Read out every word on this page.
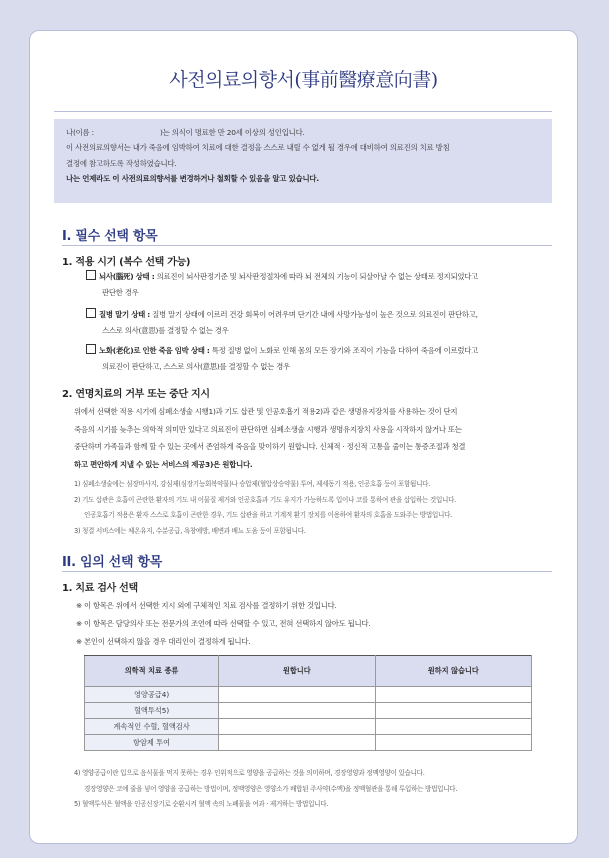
사전의료의향서(事前醫療意向書)

나(이름 :	)는 의식이 명료한 만 20세 이상의 성인입니다.

이 사전의료의향서는 내가 죽음에 임박하여 치료에 대한 결정을 스스로 내릴 수 없게 될 경우에 대비하여 의료진의 치료 방침

결정에 참고하도록 작성하였습니다.

나는 언제라도 이 사전의료의향서를 변경하거나 철회할 수 있음을 알고 있습니다.

I. 필수 선택 항목
1. 적용 시기 (복수 선택 가능)

뇌사(腦死) 상태 : 의료진이 뇌사판정기준 및 뇌사판정절차에 따라 뇌 전체의 기능이 되살아날 수 없는 상태로 정지되었다고

판단한 경우

질병 말기 상태 : 질병 말기 상태에 이르러 건강 회복이 어려우며 단기간 내에 사망가능성이 높은 것으로 의료진이 판단하고,

스스로 의사(意思)를 결정할 수 없는 경우

노화(老化)로 인한 죽음 임박 상태 : 특정 질병 없이 노화로 인해 몸의 모든 장기와 조직이 기능을 다하여 죽음에 이르렀다고

의료진이 판단하고, 스스로 의사(意思)를 결정할 수 없는 경우

2. 연명치료의 거부 또는 중단 지시

위에서 선택한 적용 시기에 심폐소생술 시행1)과 기도 삽관 및 인공호흡기 적용2)과 같은 생명유지장치를 사용하는 것이 단지

죽음의 시기를 늦추는 의학적 의미만 있다고 의료진이 판단하면 심폐소생술 시행과 생명유지장치 사용을 시작하지 않거나 또는

중단하며 가족들과 함께 할 수 있는 곳에서 존엄하게 죽음을 맞이하기 원합니다. 신체적 · 정신적 고통을 줄이는 통증조절과 청결

하고 편안하게 지낼 수 있는 서비스의 제공3)은 원합니다.

1) 심폐소생술에는 심장마사지, 강심제(심장기능회복약물)나 승압제(혈압상승약물) 투여, 제세동기 적용, 인공호흡 등이 포함됩니다.

2) 기도 삽관은 호흡이 곤란한 환자의 기도 내 이물질 제거와 인공호흡과 기도 유지가 가능하도록 입이나 코를 통하여 관을 삽입하는 것입니다.

인공호흡기 적용은 환자 스스로 호흡이 곤란한 경우, 기도 삽관을 하고 기계적 환기 장치를 이용하여 환자의 호흡을 도와주는 방법입니다.

3) 청결 서비스에는 체온유지, 수분공급, 욕창예방, 배변과 배뇨 도움 등이 포함됩니다.

II. 임의 선택 항목
1. 치료 검사 선택

※ 이 항목은 위에서 선택한 지시 외에 구체적인 치료 검사를 결정하기 위한 것입니다.

※ 이 항목은 담당의사 또는 전문가의 조언에 따라 선택할 수 있고, 전혀 선택하지 않아도 됩니다.

※ 본인이 선택하지 않을 경우 대리인이 결정하게 됩니다.

의학적 치료 종류	원합니다	원하지 않습니다
영양공급4)		
혈액투석5)		
계속적인 수혈, 혈액검사		
항암제 투여		

4) 영양공급이란 입으로 음식물을 먹지 못하는 경우 인위적으로 영양을 공급하는 것을 의미하며, 경장영양과 정맥영양이 있습니다.

경장영양은 코에 줄을 넣어 영양을 공급하는 방법이며, 정맥영양은 영양소가 배합된 주사약(수액)을 정맥혈관을 통해 투입하는 방법입니다.

5) 혈액투석은 혈액을 인공신장기로 순환시켜 혈액 속의 노폐물을 여과 · 제거하는 방법입니다.
